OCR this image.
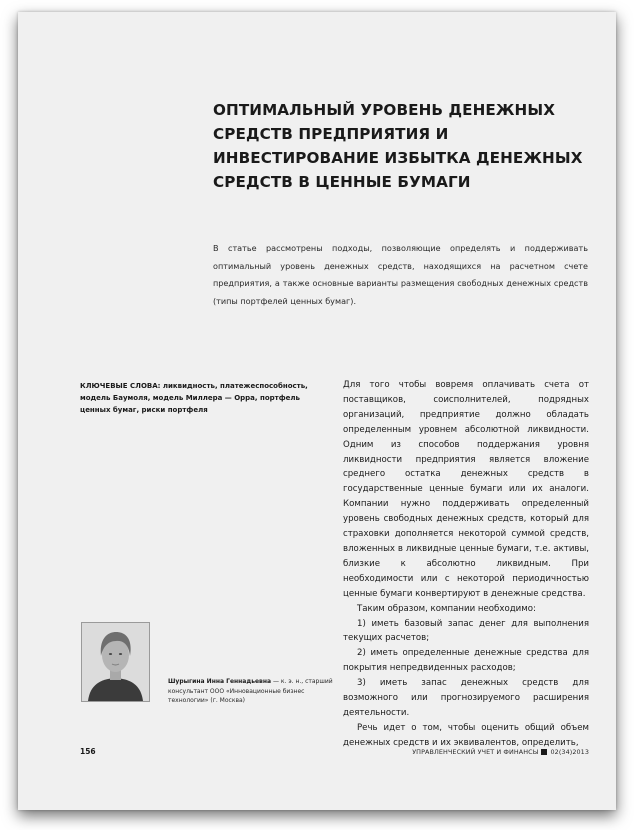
ОПТИМАЛЬНЫЙ УРОВЕНЬ ДЕНЕЖНЫХ СРЕДСТВ ПРЕДПРИЯТИЯ И ИНВЕСТИРОВАНИЕ ИЗБЫТКА ДЕНЕЖНЫХ СРЕДСТВ В ЦЕННЫЕ БУМАГИ

В статье рассмотрены подходы, позволяющие определять и поддерживать оптимальный уровень денежных средств, находящихся на расчетном счете предприятия, а также основные варианты размещения свободных денежных средств (типы портфелей ценных бумаг).

КЛЮЧЕВЫЕ СЛОВА: ликвидность, платежеспособность, модель Баумоля, модель Миллера — Орра, портфель ценных бумаг, риски портфеля

Для того чтобы вовремя оплачивать счета от поставщиков, соисполнителей, подрядных организаций, предприятие должно обладать определенным уровнем абсолютной ликвидности. Одним из способов поддержания уровня ликвидности предприятия является вложение среднего остатка денежных средств в государственные ценные бумаги или их аналоги. Компании нужно поддерживать определенный уровень свободных денежных средств, который для страховки дополняется некоторой суммой средств, вложенных в ликвидные ценные бумаги, т.е. активы, близкие к абсолютно ликвидным. При необходимости или с некоторой периодичностью ценные бумаги конвертируют в денежные средства.

Таким образом, компании необходимо:

1) иметь базовый запас денег для выполнения текущих расчетов;

2) иметь определенные денежные средства для покрытия непредвиденных расходов;

3) иметь запас денежных средств для возможного или прогнозируемого расширения деятельности.

Речь идет о том, чтобы оценить общий объем денежных средств и их эквивалентов, определить,

Шурыгина Инна Геннадьевна — к. э. н., старший консультант ООО «Инновационные бизнес технологии» (г. Москва)

156	УПРАВЛЕНЧЕСКИЙ УЧЕТ И ФИНАНСЫ 02(34)2013
